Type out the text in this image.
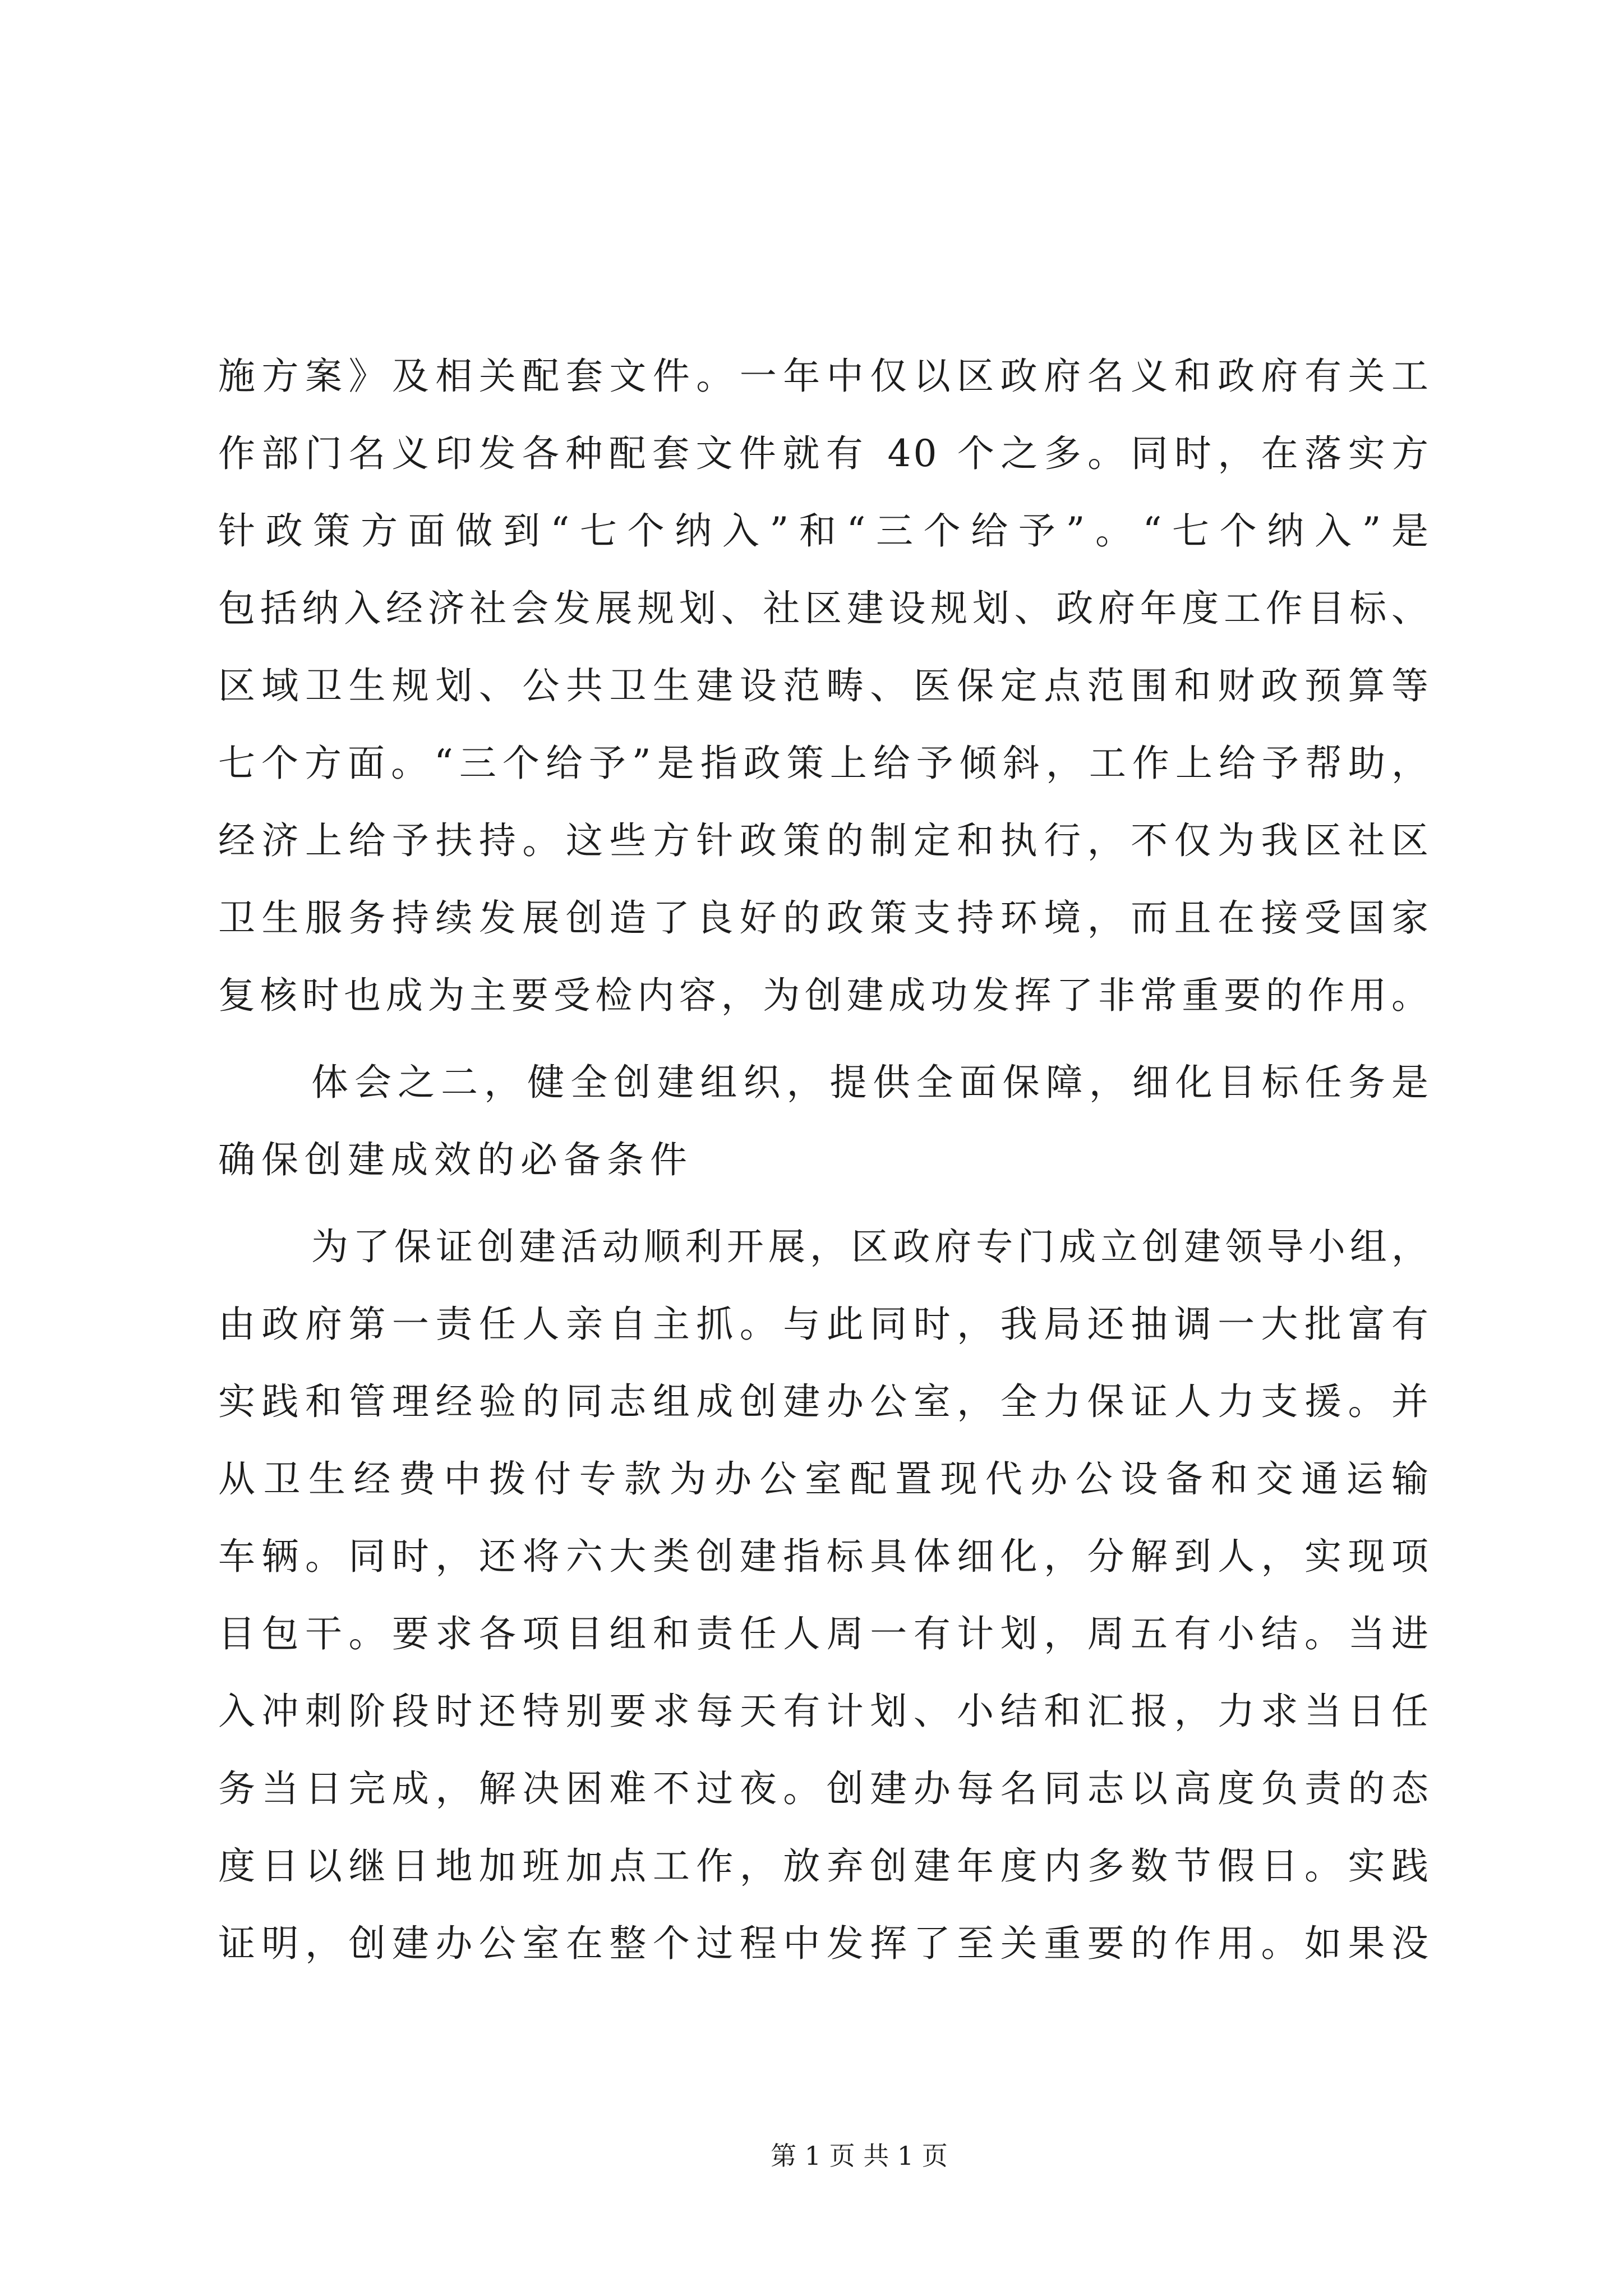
施方案》及相关配套文件。一年中仅以区政府名义和政府有关工
作部门名义印发各种配套文件就有 40 个之多。同时，在落实方
针政策方面做到“七个纳入”和“三个给予”。“七个纳入”是
包括纳入经济社会发展规划、社区建设规划、政府年度工作目标、
区域卫生规划、公共卫生建设范畴、医保定点范围和财政预算等
七个方面。“三个给予”是指政策上给予倾斜，工作上给予帮助，
经济上给予扶持。这些方针政策的制定和执行，不仅为我区社区
卫生服务持续发展创造了良好的政策支持环境，而且在接受国家
复核时也成为主要受检内容，为创建成功发挥了非常重要的作用。
体会之二，健全创建组织，提供全面保障，细化目标任务是
确保创建成效的必备条件
为了保证创建活动顺利开展，区政府专门成立创建领导小组，
由政府第一责任人亲自主抓。与此同时，我局还抽调一大批富有
实践和管理经验的同志组成创建办公室，全力保证人力支援。并
从卫生经费中拨付专款为办公室配置现代办公设备和交通运输
车辆。同时，还将六大类创建指标具体细化，分解到人，实现项
目包干。要求各项目组和责任人周一有计划，周五有小结。当进
入冲刺阶段时还特别要求每天有计划、小结和汇报，力求当日任
务当日完成，解决困难不过夜。创建办每名同志以高度负责的态
度日以继日地加班加点工作，放弃创建年度内多数节假日。实践
证明，创建办公室在整个过程中发挥了至关重要的作用。如果没
第 1 页 共 1 页
